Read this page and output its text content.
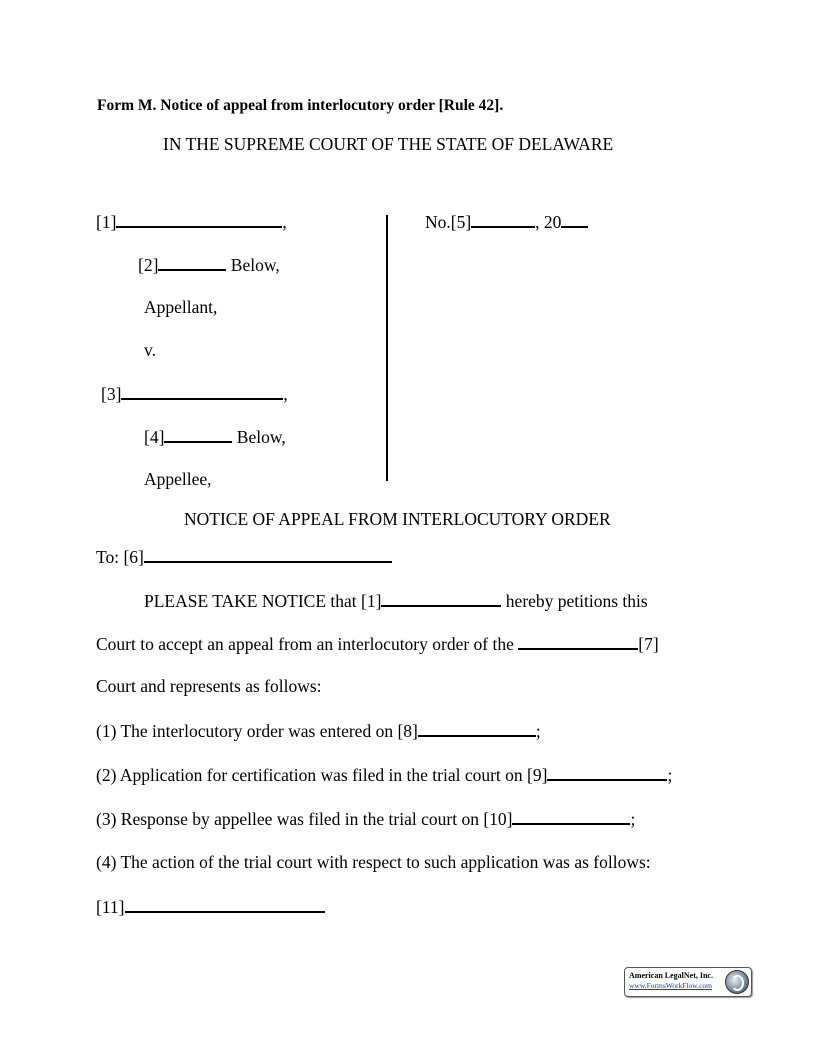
Form M. Notice of appeal from interlocutory order [Rule 42].
IN THE SUPREME COURT OF THE STATE OF DELAWARE
[1]	,
[2]	Below,
Appellant,
v.
[3]	,
[4]	Below,
Appellee,
No.[5]	, 20
NOTICE OF APPEAL FROM INTERLOCUTORY ORDER
To: [6]
PLEASE TAKE NOTICE that [1]	hereby petitions this
Court to accept an appeal from an interlocutory order of the	[7]
Court and represents as follows:
(1) The interlocutory order was entered on [8]	;
(2) Application for certification was filed in the trial court on [9]	;
(3) Response by appellee was filed in the trial court on [10]	;
(4) The action of the trial court with respect to such application was as follows:
[11]
American LegalNet, Inc.
www.FormsWorkFlow.com
